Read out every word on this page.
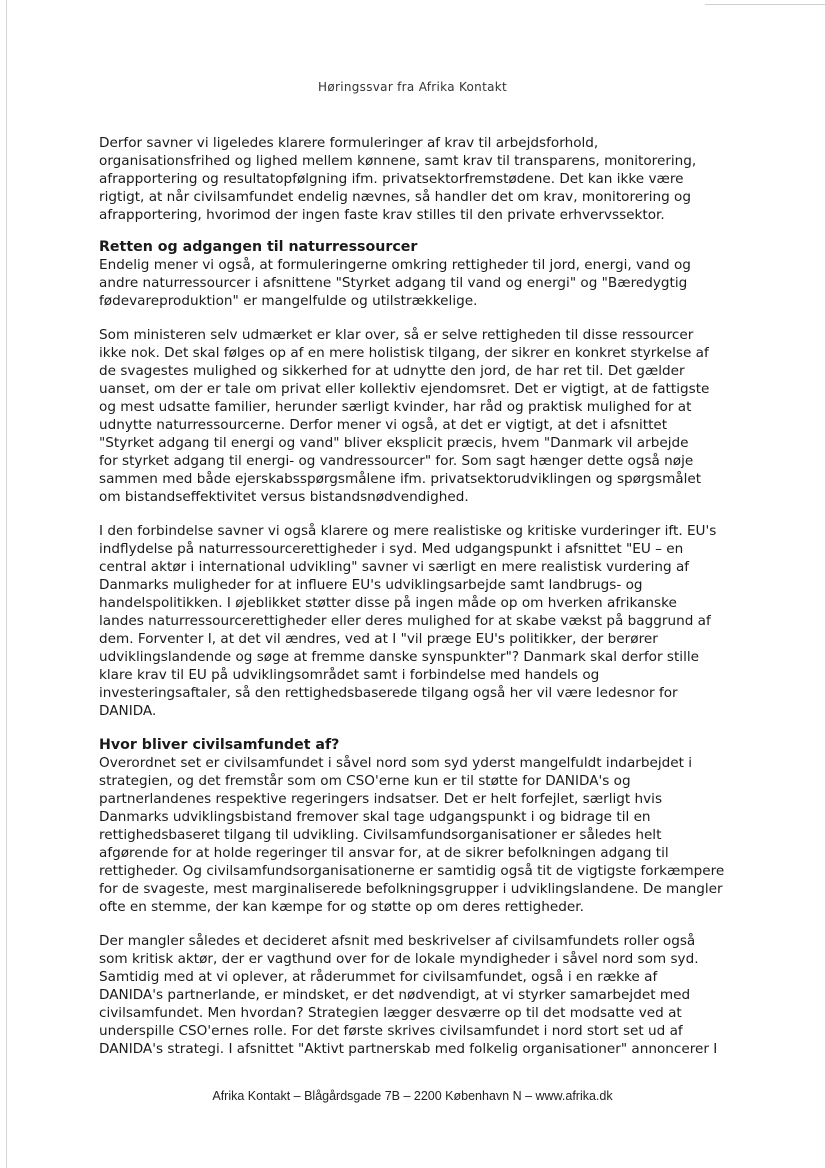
Høringssvar fra Afrika Kontakt

Derfor savner vi ligeledes klarere formuleringer af krav til arbejdsforhold,
organisationsfrihed og lighed mellem kønnene, samt krav til transparens, monitorering,
afrapportering og resultatopfølgning ifm. privatsektorfremstødene. Det kan ikke være
rigtigt, at når civilsamfundet endelig nævnes, så handler det om krav, monitorering og
afrapportering, hvorimod der ingen faste krav stilles til den private erhvervssektor.

Retten og adgangen til naturressourcer

Endelig mener vi også, at formuleringerne omkring rettigheder til jord, energi, vand og
andre naturressourcer i afsnittene "Styrket adgang til vand og energi" og "Bæredygtig
fødevareproduktion" er mangelfulde og utilstrækkelige.

Som ministeren selv udmærket er klar over, så er selve rettigheden til disse ressourcer
ikke nok. Det skal følges op af en mere holistisk tilgang, der sikrer en konkret styrkelse af
de svagestes mulighed og sikkerhed for at udnytte den jord, de har ret til. Det gælder
uanset, om der er tale om privat eller kollektiv ejendomsret. Det er vigtigt, at de fattigste
og mest udsatte familier, herunder særligt kvinder, har råd og praktisk mulighed for at
udnytte naturressourcerne. Derfor mener vi også, at det er vigtigt, at det i afsnittet
"Styrket adgang til energi og vand" bliver eksplicit præcis, hvem "Danmark vil arbejde
for styrket adgang til energi- og vandressourcer" for. Som sagt hænger dette også nøje
sammen med både ejerskabsspørgsmålene ifm. privatsektorudviklingen og spørgsmålet
om bistandseffektivitet versus bistandsnødvendighed.

I den forbindelse savner vi også klarere og mere realistiske og kritiske vurderinger ift. EU's
indflydelse på naturressourcerettigheder i syd. Med udgangspunkt i afsnittet "EU – en
central aktør i international udvikling" savner vi særligt en mere realistisk vurdering af
Danmarks muligheder for at influere EU's udviklingsarbejde samt landbrugs- og
handelspolitikken. I øjeblikket støtter disse på ingen måde op om hverken afrikanske
landes naturressourcerettigheder eller deres mulighed for at skabe vækst på baggrund af
dem. Forventer I, at det vil ændres, ved at I "vil præge EU's politikker, der berører
udviklingslandende og søge at fremme danske synspunkter"? Danmark skal derfor stille
klare krav til EU på udviklingsområdet samt i forbindelse med handels og
investeringsaftaler, så den rettighedsbaserede tilgang også her vil være ledesnor for
DANIDA.

Hvor bliver civilsamfundet af?

Overordnet set er civilsamfundet i såvel nord som syd yderst mangelfuldt indarbejdet i
strategien, og det fremstår som om CSO'erne kun er til støtte for DANIDA's og
partnerlandenes respektive regeringers indsatser. Det er helt forfejlet, særligt hvis
Danmarks udviklingsbistand fremover skal tage udgangspunkt i og bidrage til en
rettighedsbaseret tilgang til udvikling. Civilsamfundsorganisationer er således helt
afgørende for at holde regeringer til ansvar for, at de sikrer befolkningen adgang til
rettigheder. Og civilsamfundsorganisationerne er samtidig også tit de vigtigste forkæmpere
for de svageste, mest marginaliserede befolkningsgrupper i udviklingslandene. De mangler
ofte en stemme, der kan kæmpe for og støtte op om deres rettigheder.

Der mangler således et decideret afsnit med beskrivelser af civilsamfundets roller også
som kritisk aktør, der er vagthund over for de lokale myndigheder i såvel nord som syd.
Samtidig med at vi oplever, at råderummet for civilsamfundet, også i en række af
DANIDA's partnerlande, er mindsket, er det nødvendigt, at vi styrker samarbejdet med
civilsamfundet. Men hvordan? Strategien lægger desværre op til det modsatte ved at
underspille CSO'ernes rolle. For det første skrives civilsamfundet i nord stort set ud af
DANIDA's strategi. I afsnittet "Aktivt partnerskab med folkelig organisationer" annoncerer I

Afrika Kontakt – Blågårdsgade 7B – 2200 København N – www.afrika.dk
